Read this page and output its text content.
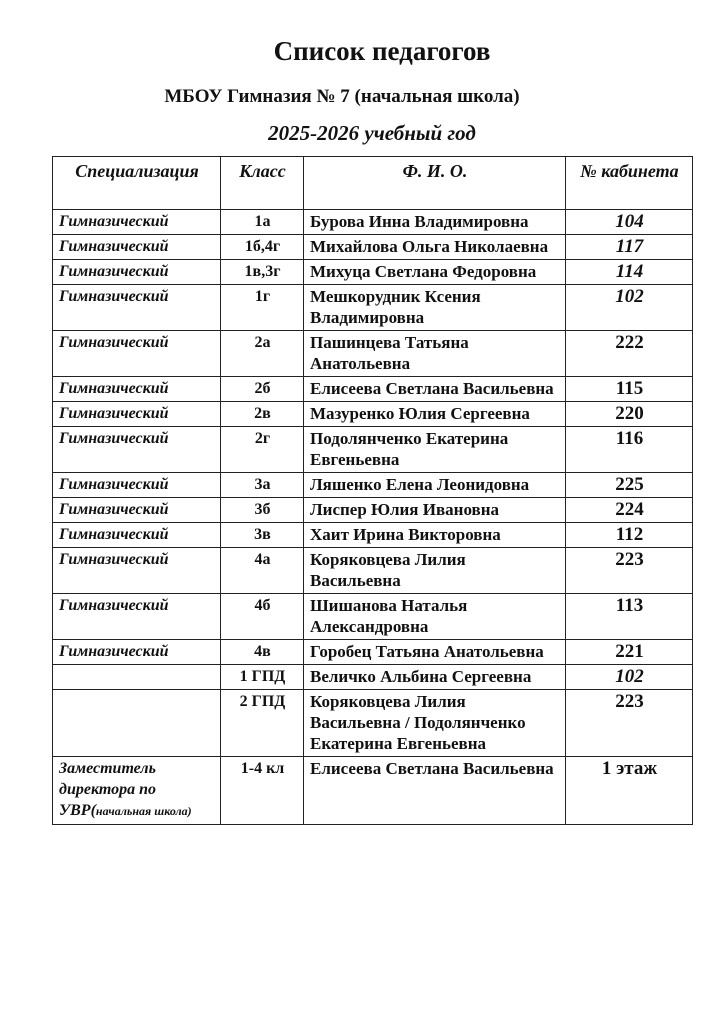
Список педагогов
МБОУ Гимназия № 7 (начальная школа)
2025-2026 учебный год
Специализация	Класс	Ф. И. О.	№ кабинета
Гимназический	1а	Бурова Инна Владимировна	104
Гимназический	1б,4г	Михайлова Ольга Николаевна	117
Гимназический	1в,3г	Михуца Светлана Федоровна	114
Гимназический	1г	Мешкорудник Ксения Владимировна	102
Гимназический	2а	Пашинцева Татьяна Анатольевна	222
Гимназический	2б	Елисеева Светлана Васильевна	115
Гимназический	2в	Мазуренко Юлия Сергеевна	220
Гимназический	2г	Подолянченко Екатерина Евгеньевна	116
Гимназический	3а	Ляшенко Елена Леонидовна	225
Гимназический	3б	Лиспер Юлия Ивановна	224
Гимназический	3в	Хаит Ирина Викторовна	112
Гимназический	4а	Коряковцева Лилия Васильевна	223
Гимназический	4б	Шишанова Наталья Александровна	113
Гимназический	4в	Горобец Татьяна Анатольевна	221
	1 ГПД	Величко Альбина Сергеевна	102
	2 ГПД	Коряковцева Лилия Васильевна / Подолянченко Екатерина Евгеньевна	223
Заместитель директора по УВР(начальная школа)	1-4 кл	Елисеева Светлана Васильевна	1 этаж
